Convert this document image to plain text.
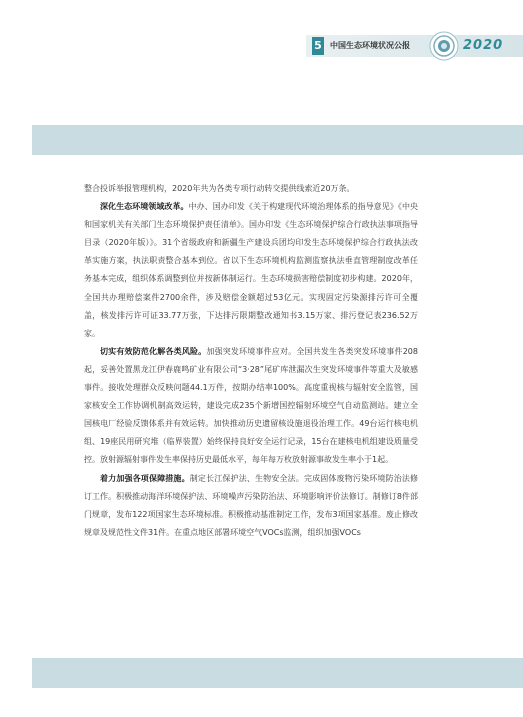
5 中国生态环境状况公报	2020

整合投诉举报管理机构，2020年共为各类专项行动转交提供线索近20万条。

深化生态环境领域改革。中办、国办印发《关于构建现代环境治理体系的指导意见》《中央和国家机关有关部门生态环境保护责任清单》。国办印发《生态环境保护综合行政执法事项指导目录（2020年版）》。31个省级政府和新疆生产建设兵团均印发生态环境保护综合行政执法改革实施方案，执法职责整合基本到位。省以下生态环境机构监测监察执法垂直管理制度改革任务基本完成，组织体系调整到位并按新体制运行。生态环境损害赔偿制度初步构建。2020年，全国共办理赔偿案件2700余件，涉及赔偿金额超过53亿元。实现固定污染源排污许可全覆盖，核发排污许可证33.77万张，下达排污限期整改通知书3.15万家、排污登记表236.52万家。

切实有效防范化解各类风险。加强突发环境事件应对。全国共发生各类突发环境事件208起，妥善处置黑龙江伊春鹿鸣矿业有限公司“3·28”尾矿库泄漏次生突发环境事件等重大及敏感事件。接收处理群众反映问题44.1万件，按期办结率100%。高度重视核与辐射安全监管，国家核安全工作协调机制高效运转，建设完成235个新增国控辐射环境空气自动监测站。建立全国核电厂经验反馈体系并有效运转。加快推动历史遗留核设施退役治理工作。49台运行核电机组、19座民用研究堆（临界装置）始终保持良好安全运行记录，15台在建核电机组建设质量受控。放射源辐射事件发生率保持历史最低水平，每年每万枚放射源事故发生率小于1起。

着力加强各项保障措施。制定长江保护法、生物安全法。完成固体废物污染环境防治法修订工作。积极推动海洋环境保护法、环境噪声污染防治法、环境影响评价法修订。制修订8件部门规章，发布122项国家生态环境标准。积极推动基准制定工作，发布3项国家基准。废止修改规章及规范性文件31件。在重点地区部署环境空气VOCs监测，组织加强VOCs
